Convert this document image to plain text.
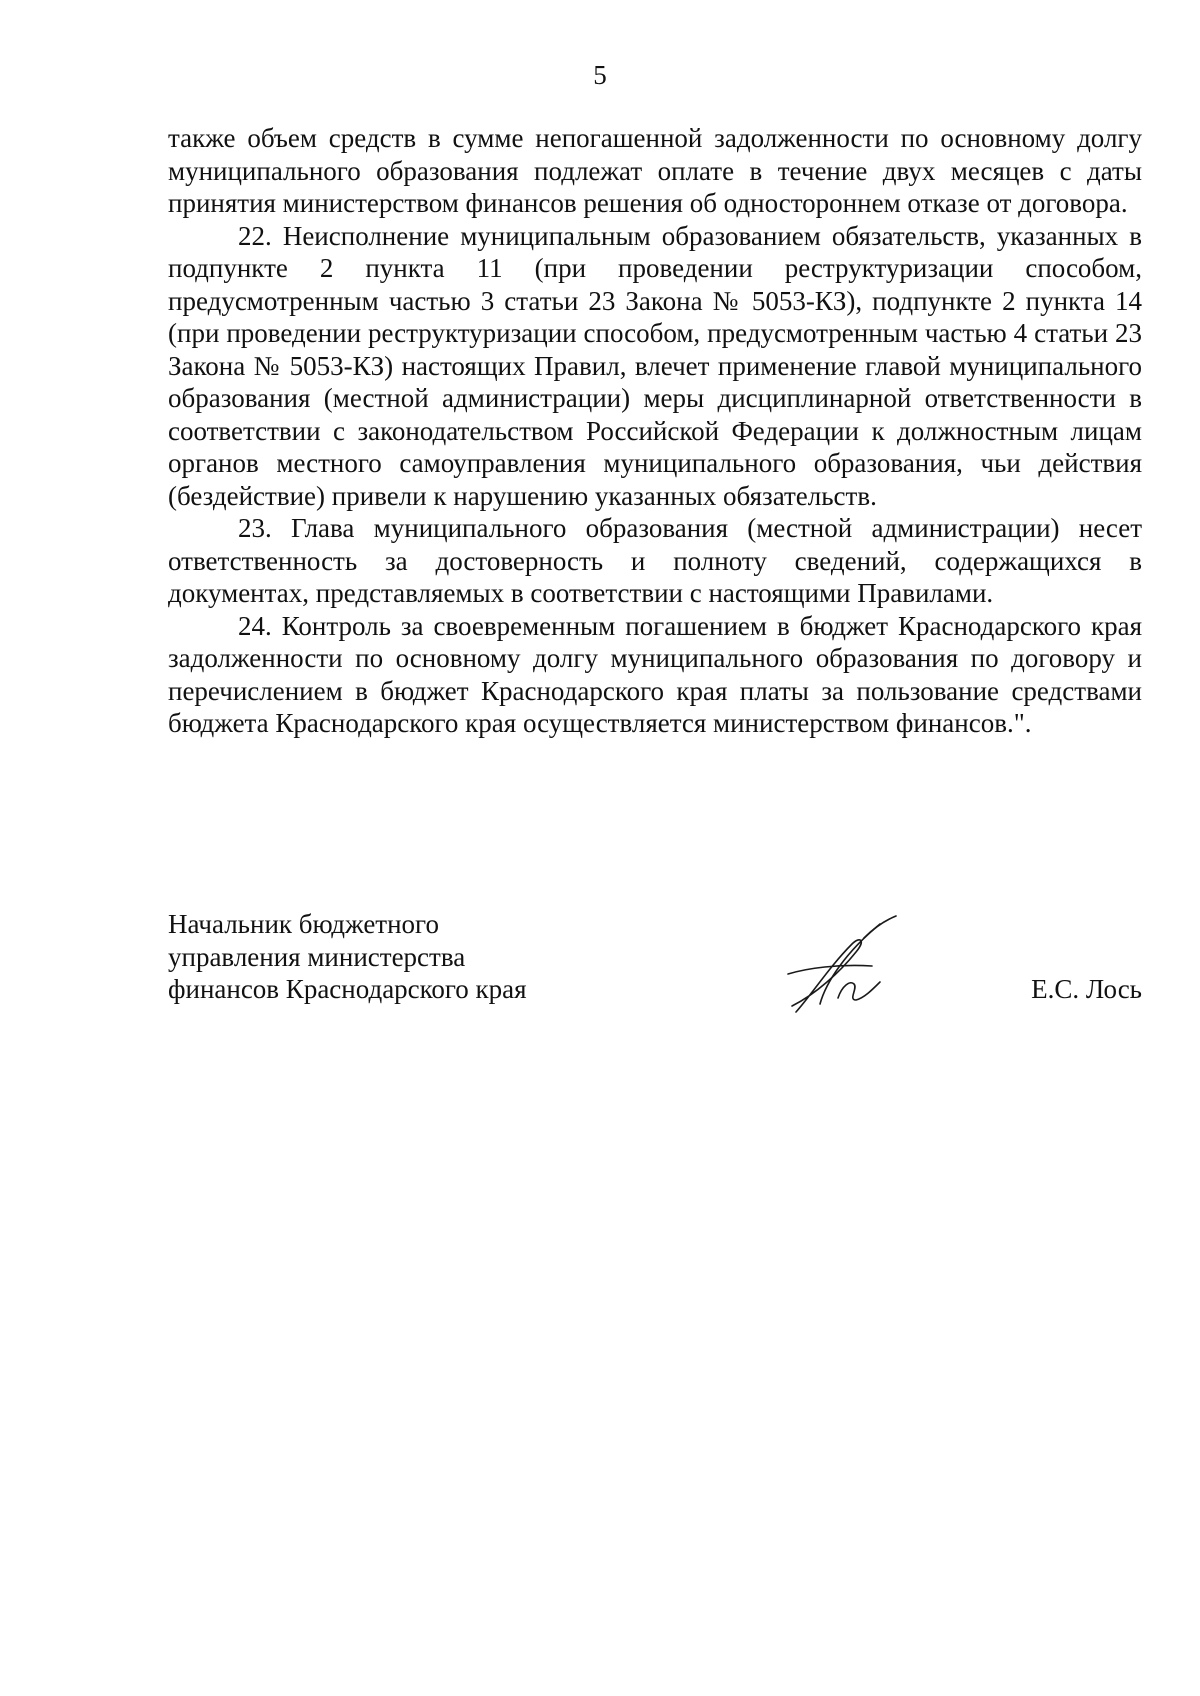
5

также объем средств в сумме непогашенной задолженности по основному долгу муниципального образования подлежат оплате в течение двух месяцев с даты принятия министерством финансов решения об одностороннем отказе от договора.

22. Неисполнение муниципальным образованием обязательств, указанных в подпункте 2 пункта 11 (при проведении реструктуризации способом, предусмотренным частью 3 статьи 23 Закона № 5053-КЗ), подпункте 2 пункта 14 (при проведении реструктуризации способом, предусмотренным частью 4 статьи 23 Закона № 5053-КЗ) настоящих Правил, влечет применение главой муниципального образования (местной администрации) меры дисциплинарной ответственности в соответствии с законодательством Российской Федерации к должностным лицам органов местного самоуправления муниципального образования, чьи действия (бездействие) привели к нарушению указанных обязательств.

23. Глава муниципального образования (местной администрации) несет ответственность за достоверность и полноту сведений, содержащихся в документах, представляемых в соответствии с настоящими Правилами.

24. Контроль за своевременным погашением в бюджет Краснодарского края задолженности по основному долгу муниципального образования по договору и перечислением в бюджет Краснодарского края платы за пользование средствами бюджета Краснодарского края осуществляется министерством финансов.".

Начальник бюджетного
управления министерства
финансов Краснодарского края	Е.С. Лось
